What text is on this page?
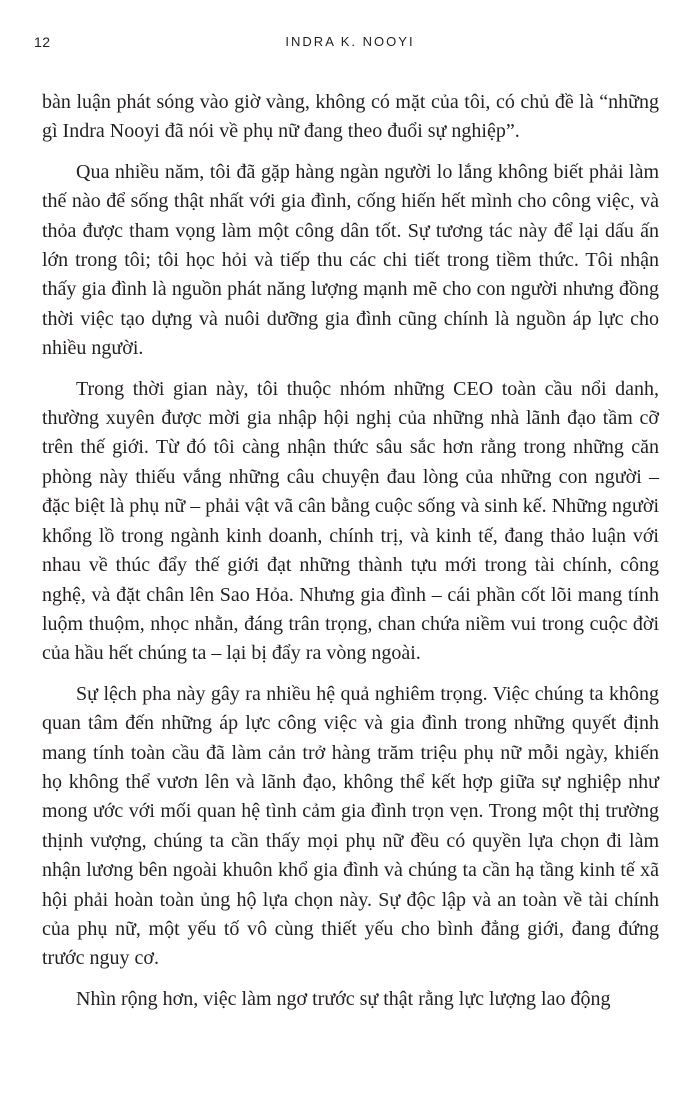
12	INDRA K. NOOYI

bàn luận phát sóng vào giờ vàng, không có mặt của tôi, có chủ đề là “những gì Indra Nooyi đã nói về phụ nữ đang theo đuổi sự nghiệp”.

Qua nhiều năm, tôi đã gặp hàng ngàn người lo lắng không biết phải làm thế nào để sống thật nhất với gia đình, cống hiến hết mình cho công việc, và thỏa được tham vọng làm một công dân tốt. Sự tương tác này để lại dấu ấn lớn trong tôi; tôi học hỏi và tiếp thu các chi tiết trong tiềm thức. Tôi nhận thấy gia đình là nguồn phát năng lượng mạnh mẽ cho con người nhưng đồng thời việc tạo dựng và nuôi dưỡng gia đình cũng chính là nguồn áp lực cho nhiều người.

Trong thời gian này, tôi thuộc nhóm những CEO toàn cầu nổi danh, thường xuyên được mời gia nhập hội nghị của những nhà lãnh đạo tầm cỡ trên thế giới. Từ đó tôi càng nhận thức sâu sắc hơn rằng trong những căn phòng này thiếu vắng những câu chuyện đau lòng của những con người – đặc biệt là phụ nữ – phải vật vã cân bằng cuộc sống và sinh kế. Những người khổng lồ trong ngành kinh doanh, chính trị, và kinh tế, đang thảo luận với nhau về thúc đẩy thế giới đạt những thành tựu mới trong tài chính, công nghệ, và đặt chân lên Sao Hỏa. Nhưng gia đình – cái phần cốt lõi mang tính luộm thuộm, nhọc nhằn, đáng trân trọng, chan chứa niềm vui trong cuộc đời của hầu hết chúng ta – lại bị đẩy ra vòng ngoài.

Sự lệch pha này gây ra nhiều hệ quả nghiêm trọng. Việc chúng ta không quan tâm đến những áp lực công việc và gia đình trong những quyết định mang tính toàn cầu đã làm cản trở hàng trăm triệu phụ nữ mỗi ngày, khiến họ không thể vươn lên và lãnh đạo, không thể kết hợp giữa sự nghiệp như mong ước với mối quan hệ tình cảm gia đình trọn vẹn. Trong một thị trường thịnh vượng, chúng ta cần thấy mọi phụ nữ đều có quyền lựa chọn đi làm nhận lương bên ngoài khuôn khổ gia đình và chúng ta cần hạ tầng kinh tế xã hội phải hoàn toàn ủng hộ lựa chọn này. Sự độc lập và an toàn về tài chính của phụ nữ, một yếu tố vô cùng thiết yếu cho bình đẳng giới, đang đứng trước nguy cơ.

Nhìn rộng hơn, việc làm ngơ trước sự thật rằng lực lượng lao động
